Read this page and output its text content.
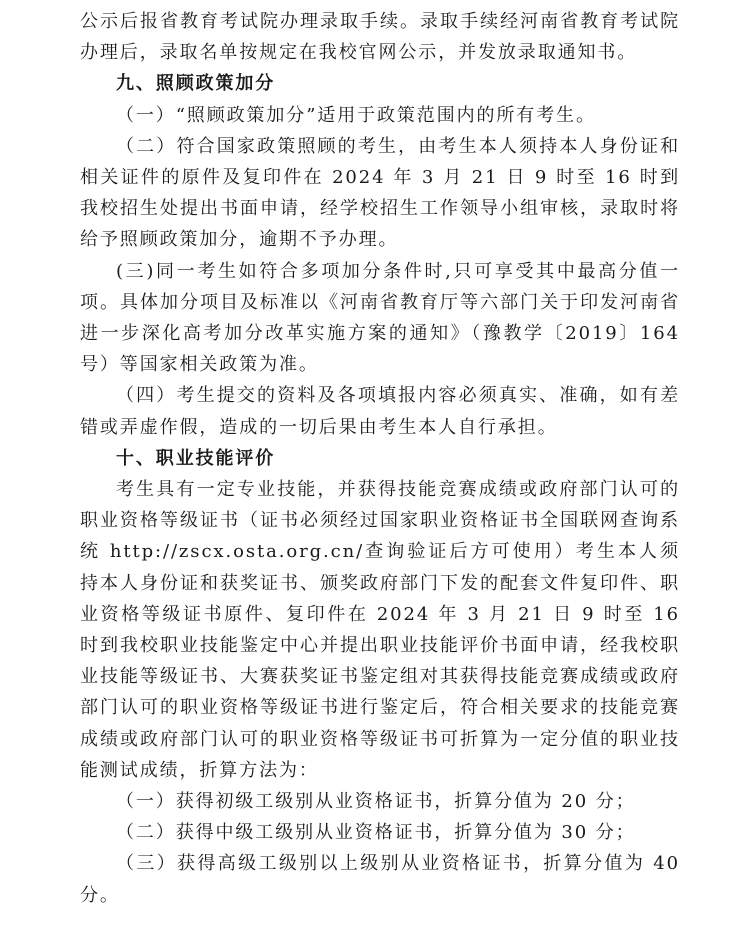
公示后报省教育考试院办理录取手续。录取手续经河南省教育考试院办理后，录取名单按规定在我校官网公示，并发放录取通知书。

九、照顾政策加分

（一）“照顾政策加分”适用于政策范围内的所有考生。

（二）符合国家政策照顾的考生，由考生本人须持本人身份证和相关证件的原件及复印件在 2024 年 3 月 21 日 9 时至 16 时到我校招生处提出书面申请，经学校招生工作领导小组审核，录取时将给予照顾政策加分，逾期不予办理。

(三)同一考生如符合多项加分条件时,只可享受其中最高分值一项。具体加分项目及标准以《河南省教育厅等六部门关于印发河南省进一步深化高考加分改革实施方案的通知》（豫教学〔2019〕164 号）等国家相关政策为准。

（四）考生提交的资料及各项填报内容必须真实、准确，如有差错或弄虚作假，造成的一切后果由考生本人自行承担。

十、职业技能评价

考生具有一定专业技能，并获得技能竞赛成绩或政府部门认可的职业资格等级证书（证书必须经过国家职业资格证书全国联网查询系统 http://zscx.osta.org.cn/查询验证后方可使用）考生本人须持本人身份证和获奖证书、颁奖政府部门下发的配套文件复印件、职业资格等级证书原件、复印件在 2024 年 3 月 21 日 9 时至 16 时到我校职业技能鉴定中心并提出职业技能评价书面申请，经我校职业技能等级证书、大赛获奖证书鉴定组对其获得技能竞赛成绩或政府部门认可的职业资格等级证书进行鉴定后，符合相关要求的技能竞赛成绩或政府部门认可的职业资格等级证书可折算为一定分值的职业技能测试成绩，折算方法为：

（一）获得初级工级别从业资格证书，折算分值为 20 分；

（二）获得中级工级别从业资格证书，折算分值为 30 分；

（三）获得高级工级别以上级别从业资格证书，折算分值为 40 分。
